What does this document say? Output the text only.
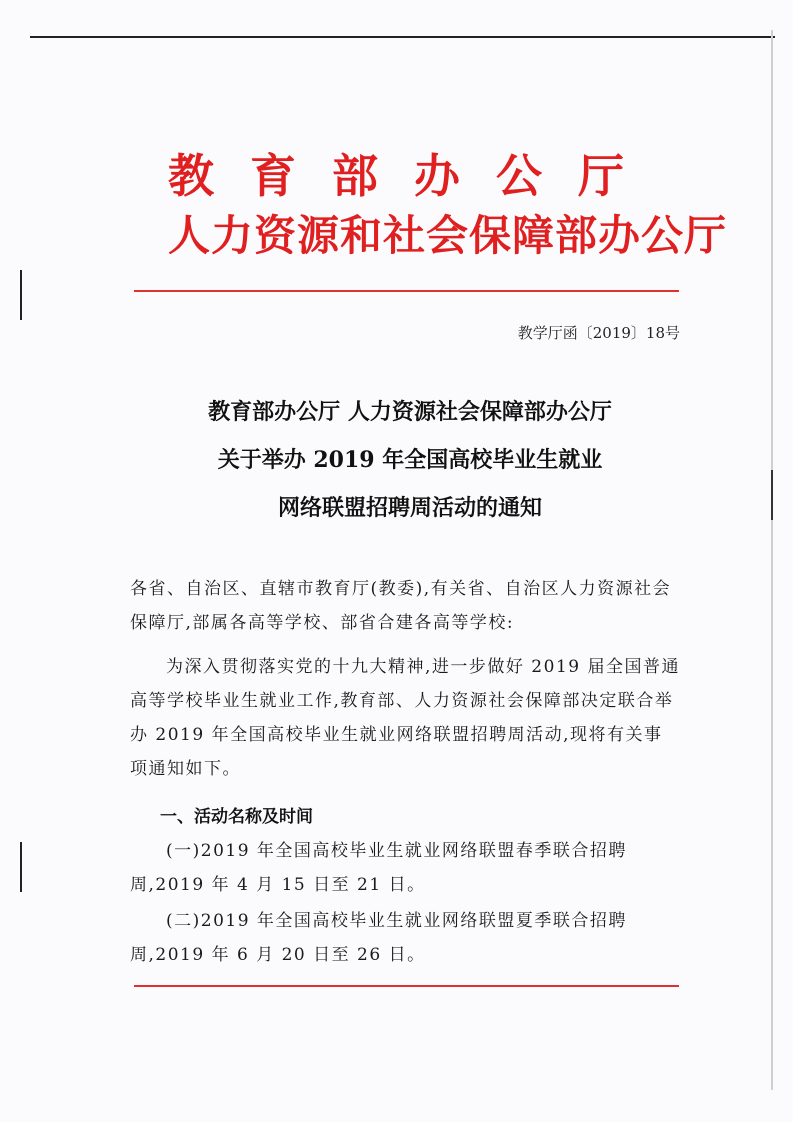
教育部办公厅
人力资源和社会保障部办公厅
教学厅函〔2019〕18号
教育部办公厅 人力资源社会保障部办公厅
关于举办 2019 年全国高校毕业生就业
网络联盟招聘周活动的通知
各省、自治区、直辖市教育厅(教委),有关省、自治区人力资源社会保障厅,部属各高等学校、部省合建各高等学校:
为深入贯彻落实党的十九大精神,进一步做好 2019 届全国普通高等学校毕业生就业工作,教育部、人力资源社会保障部决定联合举办 2019 年全国高校毕业生就业网络联盟招聘周活动,现将有关事项通知如下。
一、活动名称及时间
(一)2019 年全国高校毕业生就业网络联盟春季联合招聘周,2019 年 4 月 15 日至 21 日。
(二)2019 年全国高校毕业生就业网络联盟夏季联合招聘周,2019 年 6 月 20 日至 26 日。
